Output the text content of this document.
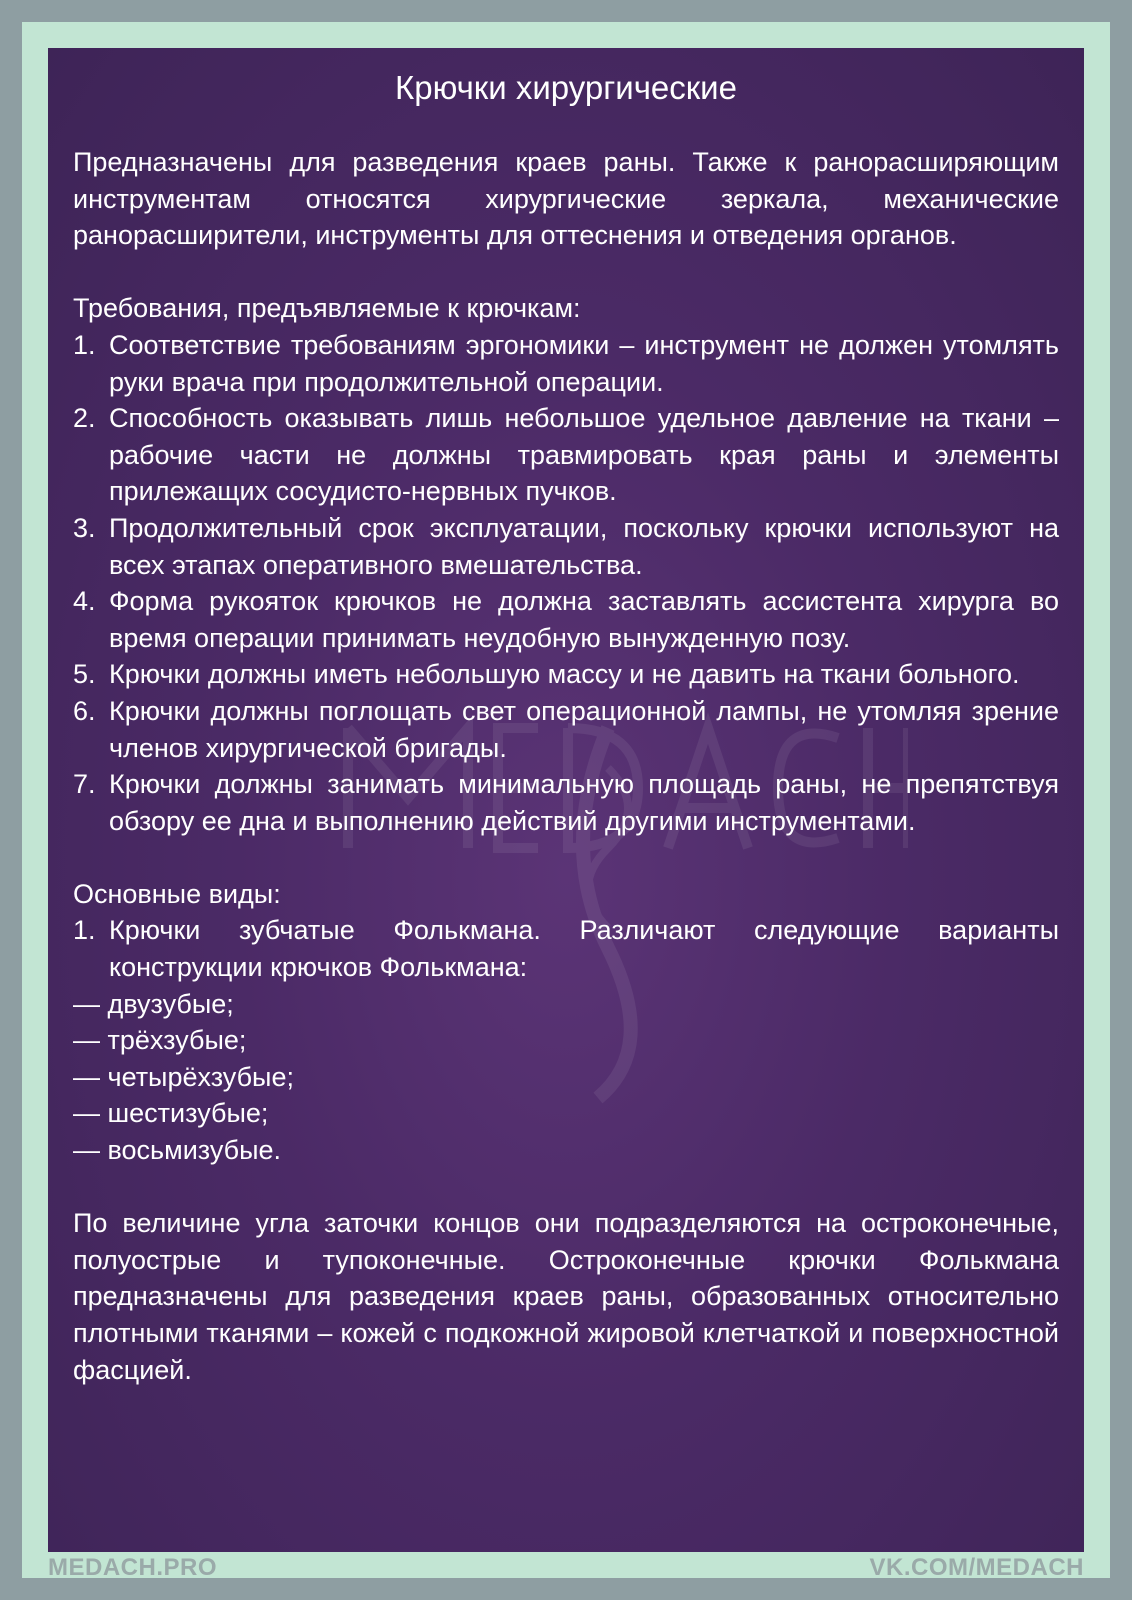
Крючки хирургические

Предназначены для разведения краев раны. Также к ранорасширяющим инструментам относятся хирургические зеркала, механические ранорасширители, инструменты для оттеснения и отведения органов.

Требования, предъявляемые к крючкам:

1. Соответствие требованиям эргономики – инструмент не должен утомлять руки врача при продолжительной операции.
2. Способность оказывать лишь небольшое удельное давление на ткани – рабочие части не должны травмировать края раны и элементы прилежащих сосудисто-нервных пучков.
3. Продолжительный срок эксплуатации, поскольку крючки используют на всех этапах оперативного вмешательства.
4. Форма рукояток крючков не должна заставлять ассистента хирурга во время операции принимать неудобную вынужденную позу.
5. Крючки должны иметь небольшую массу и не давить на ткани больного.
6. Крючки должны поглощать свет операционной лампы, не утомляя зрение членов хирургической бригады.
7. Крючки должны занимать минимальную площадь раны, не препятствуя обзору ее дна и выполнению действий другими инструментами.

Основные виды:

1. Крючки зубчатые Фолькмана. Различают следующие варианты конструкции крючков Фолькмана:

— двузубые;

— трёхзубые;

— четырёхзубые;

— шестизубые;

— восьмизубые.

По величине угла заточки концов они подразделяются на остроконечные, полуострые и тупоконечные. Остроконечные крючки Фолькмана предназначены для разведения краев раны, образованных относительно плотными тканями – кожей с подкожной жировой клетчаткой и поверхностной фасцией.

MEDACH.PRO	VK.COM/MEDACH
